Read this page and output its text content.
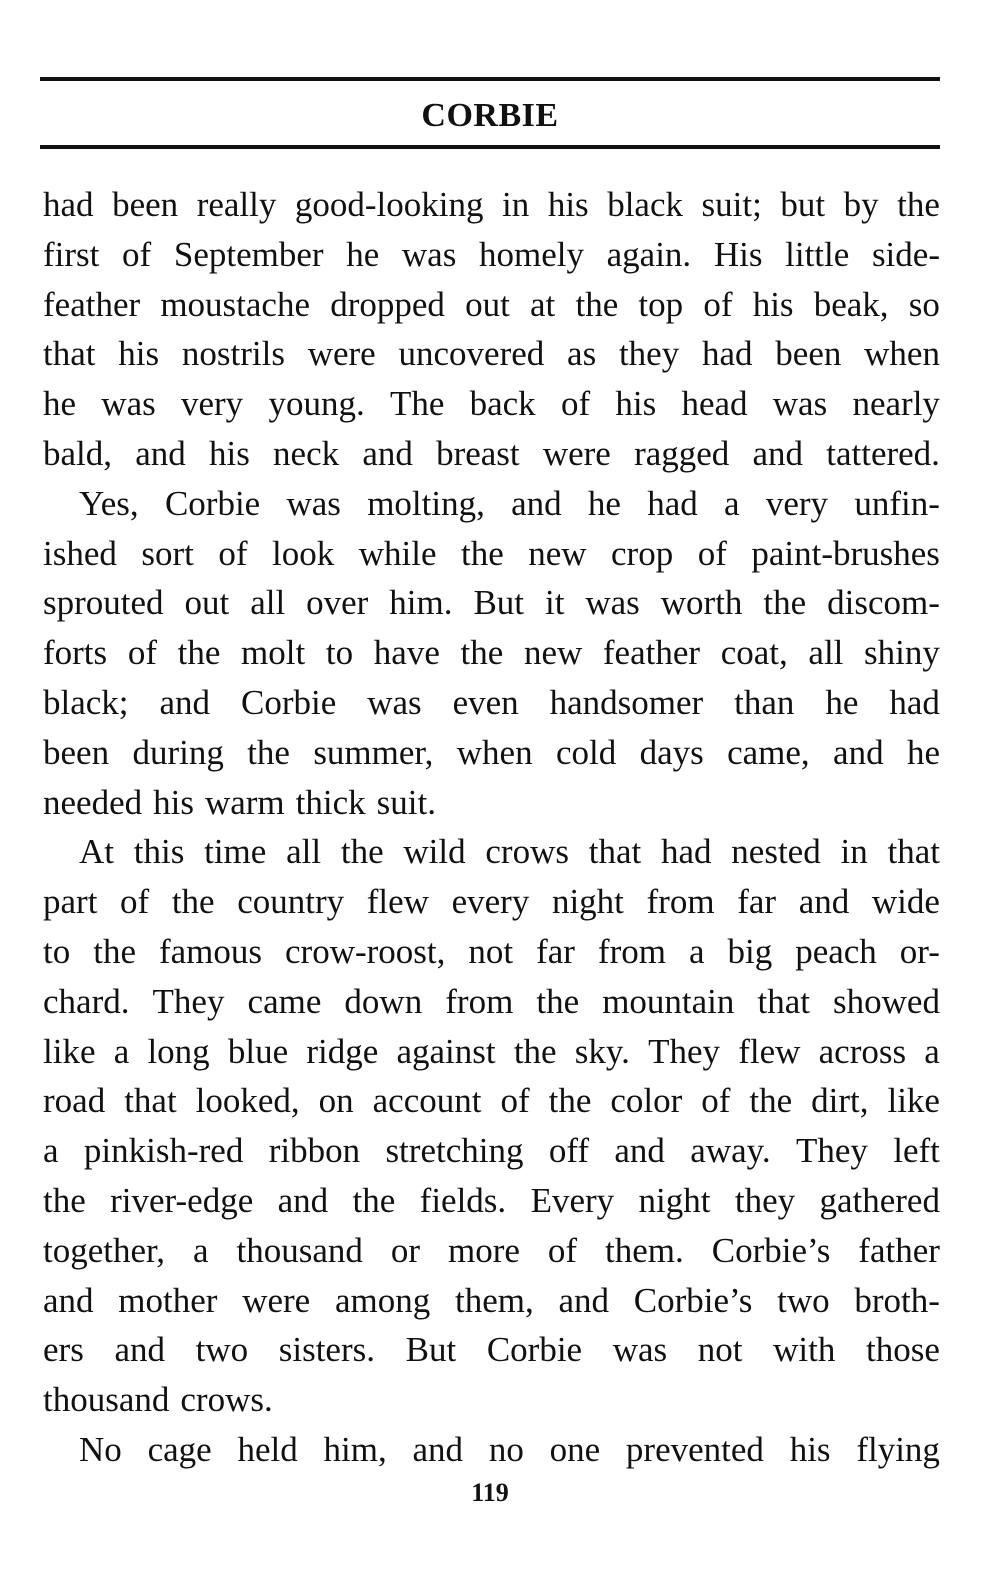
CORBIE
had been really good-looking in his black suit; but by the
first of September he was homely again. His little side-
feather moustache dropped out at the top of his beak, so
that his nostrils were uncovered as they had been when
he was very young. The back of his head was nearly
bald, and his neck and breast were ragged and tattered.
Yes, Corbie was molting, and he had a very unfin-
ished sort of look while the new crop of paint-brushes
sprouted out all over him. But it was worth the discom-
forts of the molt to have the new feather coat, all shiny
black; and Corbie was even handsomer than he had
been during the summer, when cold days came, and he
needed his warm thick suit.
At this time all the wild crows that had nested in that
part of the country flew every night from far and wide
to the famous crow-roost, not far from a big peach or-
chard. They came down from the mountain that showed
like a long blue ridge against the sky. They flew across a
road that looked, on account of the color of the dirt, like
a pinkish-red ribbon stretching off and away. They left
the river-edge and the fields. Every night they gathered
together, a thousand or more of them. Corbie’s father
and mother were among them, and Corbie’s two broth-
ers and two sisters. But Corbie was not with those
thousand crows.
No cage held him, and no one prevented his flying
119
